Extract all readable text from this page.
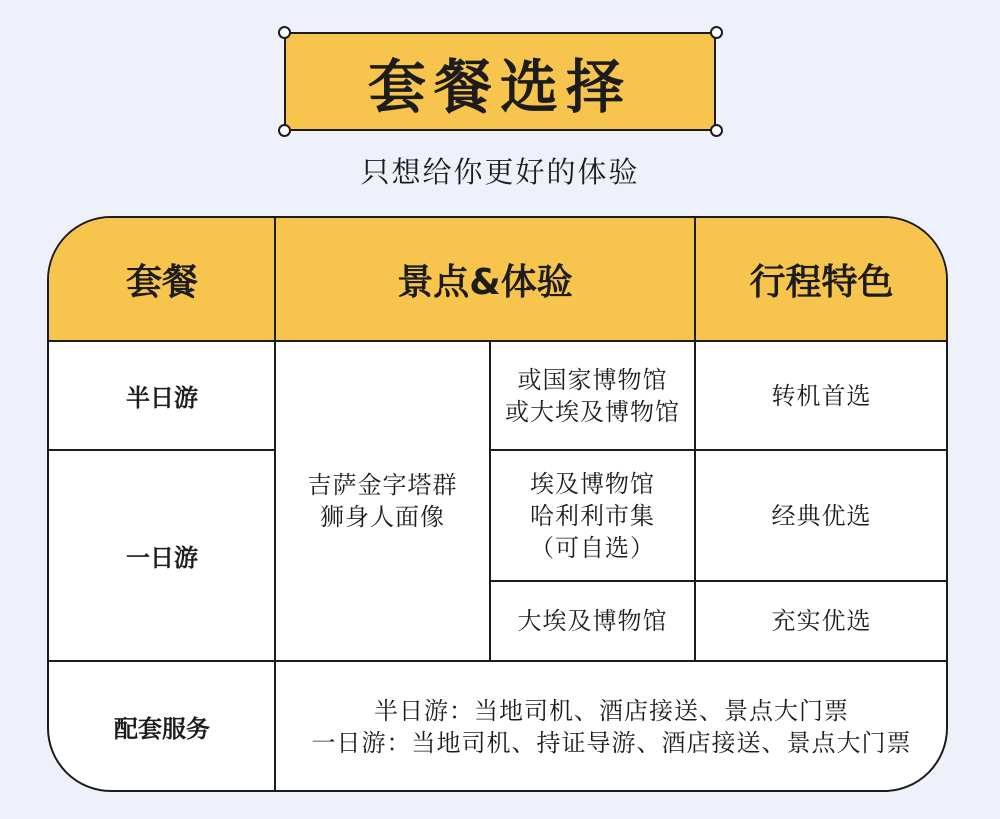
套餐选择
只想给你更好的体验
套餐	景点&体验	行程特色
半日游
一日游
配套服务
吉萨金字塔群
狮身人面像
或国家博物馆
或大埃及博物馆
埃及博物馆
哈利利市集
（可自选）
大埃及博物馆
转机首选
经典优选
充实优选
半日游：当地司机、酒店接送、景点大门票
一日游：当地司机、持证导游、酒店接送、景点大门票
